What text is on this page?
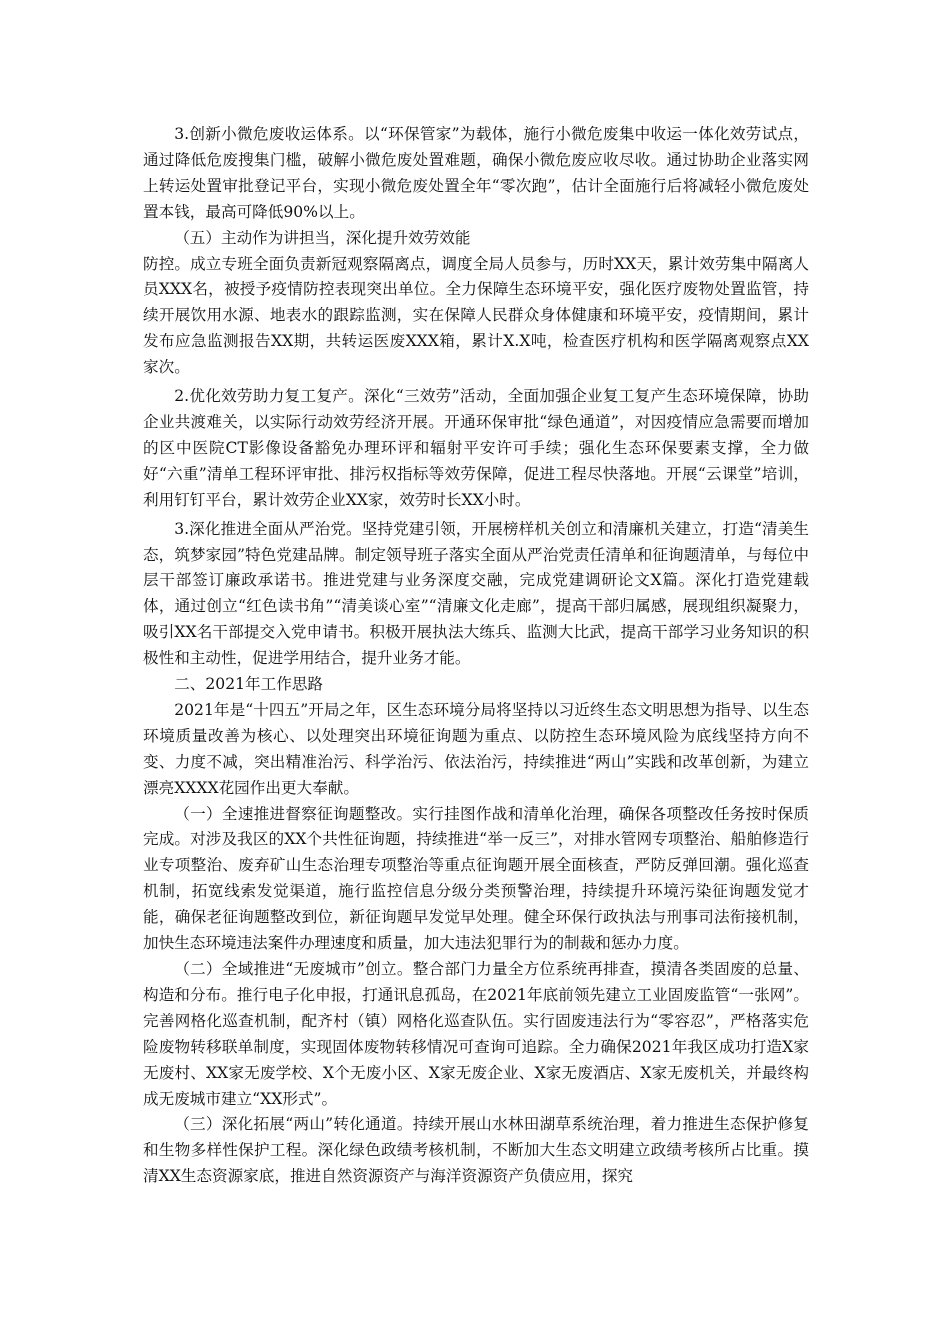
3.创新小微危废收运体系。以“环保管家”为载体，施行小微危废集中收运一体化效劳试点，通过降低危废搜集门槛，破解小微危废处置难题，确保小微危废应收尽收。通过协助企业落实网上转运处置审批登记平台，实现小微危废处置全年“零次跑”，估计全面施行后将减轻小微危废处置本钱，最高可降低90%以上。

（五）主动作为讲担当，深化提升效劳效能

防控。成立专班全面负责新冠观察隔离点，调度全局人员参与，历时XX天，累计效劳集中隔离人员XXX名，被授予疫情防控表现突出单位。全力保障生态环境平安，强化医疗废物处置监管，持续开展饮用水源、地表水的跟踪监测，实在保障人民群众身体健康和环境平安，疫情期间，累计发布应急监测报告XX期，共转运医废XXX箱，累计X.X吨，检查医疗机构和医学隔离观察点XX家次。

2.优化效劳助力复工复产。深化“三效劳”活动，全面加强企业复工复产生态环境保障，协助企业共渡难关，以实际行动效劳经济开展。开通环保审批“绿色通道”，对因疫情应急需要而增加的区中医院CT影像设备豁免办理环评和辐射平安许可手续；强化生态环保要素支撑，全力做好“六重”清单工程环评审批、排污权指标等效劳保障，促进工程尽快落地。开展“云课堂”培训，利用钉钉平台，累计效劳企业XX家，效劳时长XX小时。

3.深化推进全面从严治党。坚持党建引领，开展榜样机关创立和清廉机关建立，打造“清美生态，筑梦家园”特色党建品牌。制定领导班子落实全面从严治党责任清单和征询题清单，与每位中层干部签订廉政承诺书。推进党建与业务深度交融，完成党建调研论文X篇。深化打造党建载体，通过创立“红色读书角”“清美谈心室”“清廉文化走廊”，提高干部归属感，展现组织凝聚力，吸引XX名干部提交入党申请书。积极开展执法大练兵、监测大比武，提高干部学习业务知识的积极性和主动性，促进学用结合，提升业务才能。

二、2021年工作思路

2021年是“十四五”开局之年，区生态环境分局将坚持以习近终生态文明思想为指导、以生态环境质量改善为核心、以处理突出环境征询题为重点、以防控生态环境风险为底线坚持方向不变、力度不减，突出精准治污、科学治污、依法治污，持续推进“两山”实践和改革创新，为建立漂亮XXXX花园作出更大奉献。

（一）全速推进督察征询题整改。实行挂图作战和清单化治理，确保各项整改任务按时保质完成。对涉及我区的XX个共性征询题，持续推进“举一反三”，对排水管网专项整治、船舶修造行业专项整治、废弃矿山生态治理专项整治等重点征询题开展全面核查，严防反弹回潮。强化巡查机制，拓宽线索发觉渠道，施行监控信息分级分类预警治理，持续提升环境污染征询题发觉才能，确保老征询题整改到位，新征询题早发觉早处理。健全环保行政执法与刑事司法衔接机制，加快生态环境违法案件办理速度和质量，加大违法犯罪行为的制裁和惩办力度。

（二）全域推进“无废城市”创立。整合部门力量全方位系统再排查，摸清各类固废的总量、构造和分布。推行电子化申报，打通讯息孤岛，在2021年底前领先建立工业固废监管“一张网”。完善网格化巡查机制，配齐村（镇）网格化巡查队伍。实行固废违法行为“零容忍”，严格落实危险废物转移联单制度，实现固体废物转移情况可查询可追踪。全力确保2021年我区成功打造X家无废村、XX家无废学校、X个无废小区、X家无废企业、X家无废酒店、X家无废机关，并最终构成无废城市建立“XX形式”。

（三）深化拓展“两山”转化通道。持续开展山水林田湖草系统治理，着力推进生态保护修复和生物多样性保护工程。深化绿色政绩考核机制，不断加大生态文明建立政绩考核所占比重。摸清XX生态资源家底，推进自然资源资产与海洋资源资产负债应用，探究
